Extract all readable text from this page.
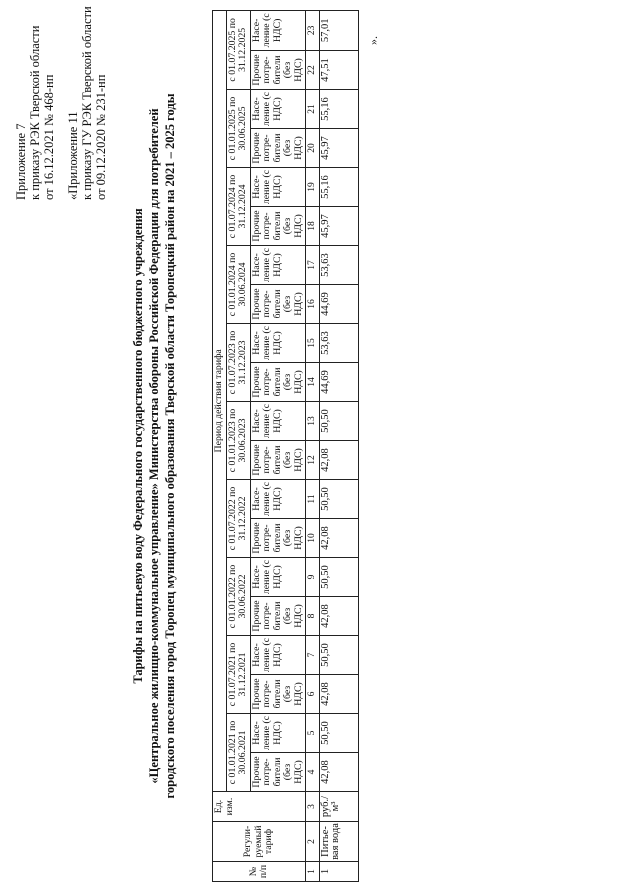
Приложение 7 к приказу РЭК Тверской области от 16.12.2021 № 468-нп «Приложение 11 к приказу ГУ РЭК Тверской области от 09.12.2020 № 231-нп
Тарифы на питьевую воду Федерального государственного бюджетного учреждения «Центральное жилищно-коммунальное управление» Министерства обороны Российской Федерации для потребителей городского поселения город Торопец муниципального образования Тверской области Торопецкий район на 2021 – 2025 годы
№ п/п	Регули-руемый тариф	Ед. изм.	Период действия тарифа																			
			с 01.01.2021 по 30.06.2021		с 01.07.2021 по 31.12.2021		с 01.01.2022 по 30.06.2022		с 01.07.2022 по 31.12.2022		с 01.01.2023 по 30.06.2023		с 01.07.2023 по 31.12.2023		с 01.01.2024 по 30.06.2024		с 01.07.2024 по 31.12.2024		с 01.01.2025 по 30.06.2025		с 01.07.2025 по 31.12.2025	
			Прочие потре-бители (без НДС)	Насе-ление (с НДС)	Прочие потре-бители (без НДС)	Насе-ление (с НДС)	Прочие потре-бители (без НДС)	Насе-ление (с НДС)	Прочие потре-бители (без НДС)	Насе-ление (с НДС)	Прочие потре-бители (без НДС)	Насе-ление (с НДС)	Прочие потре-бители (без НДС)	Насе-ление (с НДС)	Прочие потре-бители (без НДС)	Насе-ление (с НДС)	Прочие потре-бители (без НДС)	Насе-ление (с НДС)	Прочие потре-бители (без НДС)	Насе-ление (с НДС)	Прочие потре-бители (без НДС)	Насе-ление (с НДС)
1	2	3	4	5	6	7	8	9	10	11	12	13	14	15	16	17	18	19	20	21	22	23
1	Питье-вая вода	руб./м³	42,08	50,50	42,08	50,50	42,08	50,50	42,08	50,50	42,08	50,50	44,69	53,63	44,69	53,63	45,97	55,16	45,97	55,16	47,51	57,01	».
